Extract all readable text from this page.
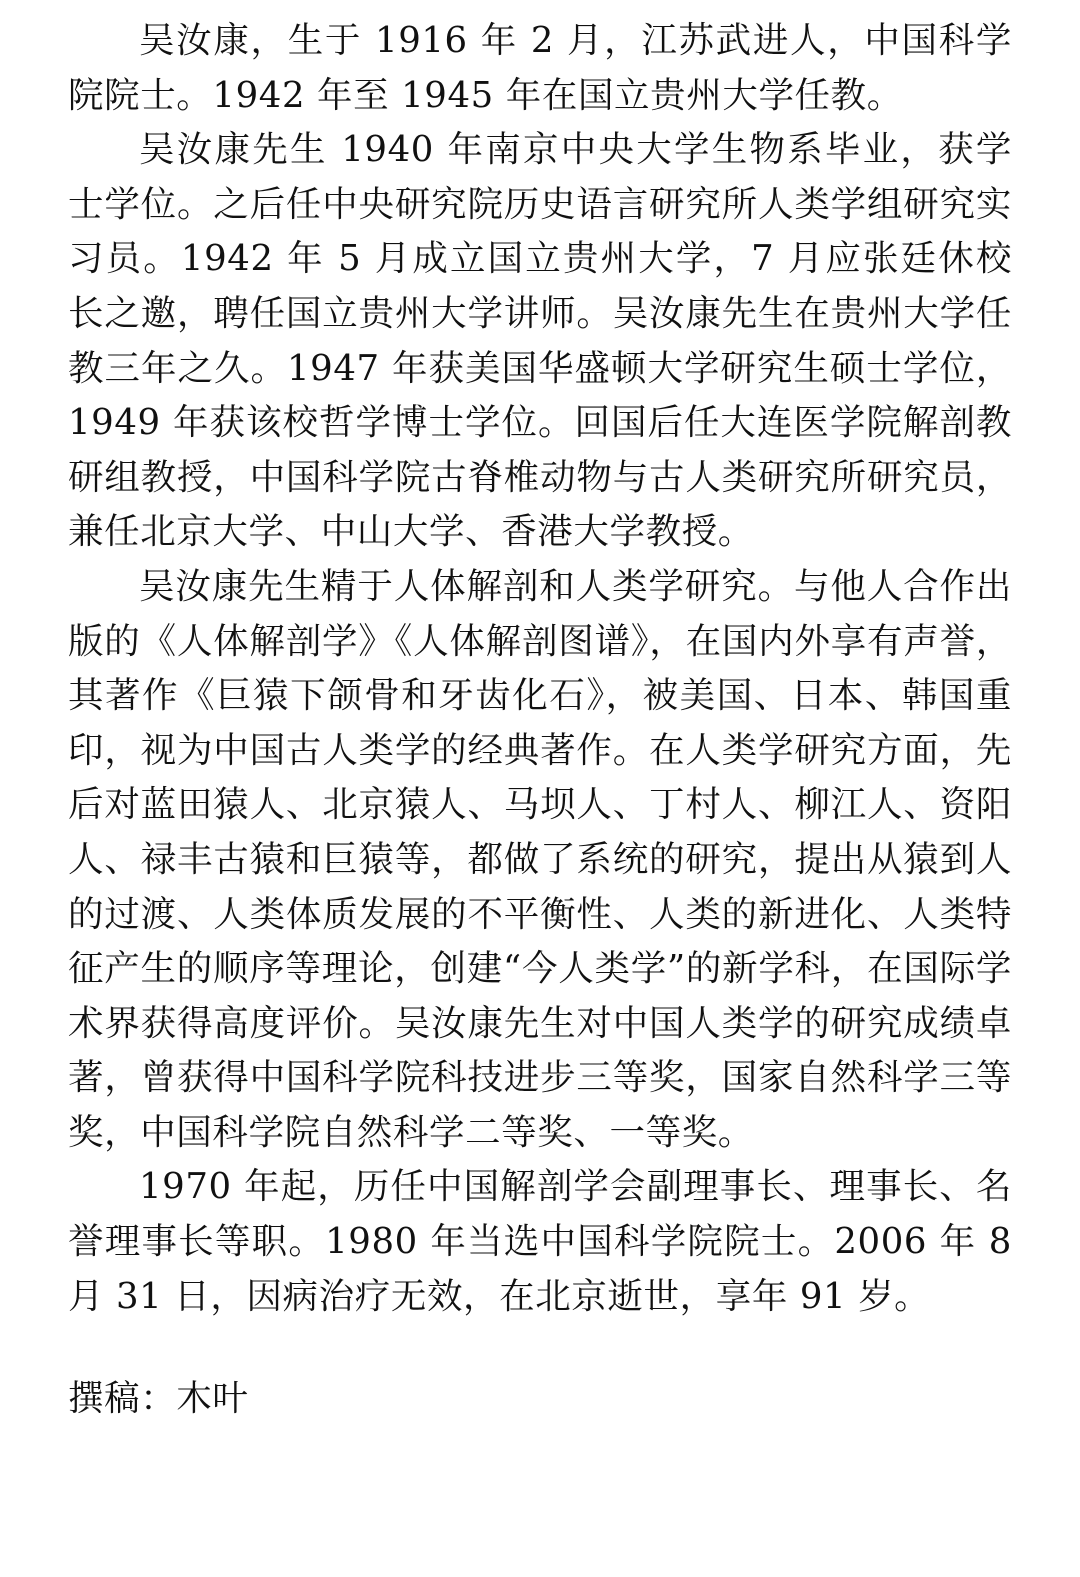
吴汝康，生于 1916 年 2 月，江苏武进人，中国科学院院士。1942 年至 1945 年在国立贵州大学任教。

吴汝康先生 1940 年南京中央大学生物系毕业，获学士学位。之后任中央研究院历史语言研究所人类学组研究实习员。1942 年 5 月成立国立贵州大学，7 月应张廷休校长之邀，聘任国立贵州大学讲师。吴汝康先生在贵州大学任教三年之久。1947 年获美国华盛顿大学研究生硕士学位，1949 年获该校哲学博士学位。回国后任大连医学院解剖教研组教授，中国科学院古脊椎动物与古人类研究所研究员，兼任北京大学、中山大学、香港大学教授。

吴汝康先生精于人体解剖和人类学研究。与他人合作出版的《人体解剖学》《人体解剖图谱》，在国内外享有声誉，其著作《巨猿下颌骨和牙齿化石》，被美国、日本、韩国重印，视为中国古人类学的经典著作。在人类学研究方面，先后对蓝田猿人、北京猿人、马坝人、丁村人、柳江人、资阳人、禄丰古猿和巨猿等，都做了系统的研究，提出从猿到人的过渡、人类体质发展的不平衡性、人类的新进化、人类特征产生的顺序等理论，创建“今人类学”的新学科，在国际学术界获得高度评价。吴汝康先生对中国人类学的研究成绩卓著，曾获得中国科学院科技进步三等奖，国家自然科学三等奖，中国科学院自然科学二等奖、一等奖。

1970 年起，历任中国解剖学会副理事长、理事长、名誉理事长等职。1980 年当选中国科学院院士。2006 年 8 月 31 日，因病治疗无效，在北京逝世，享年 91 岁。

撰稿：木叶
